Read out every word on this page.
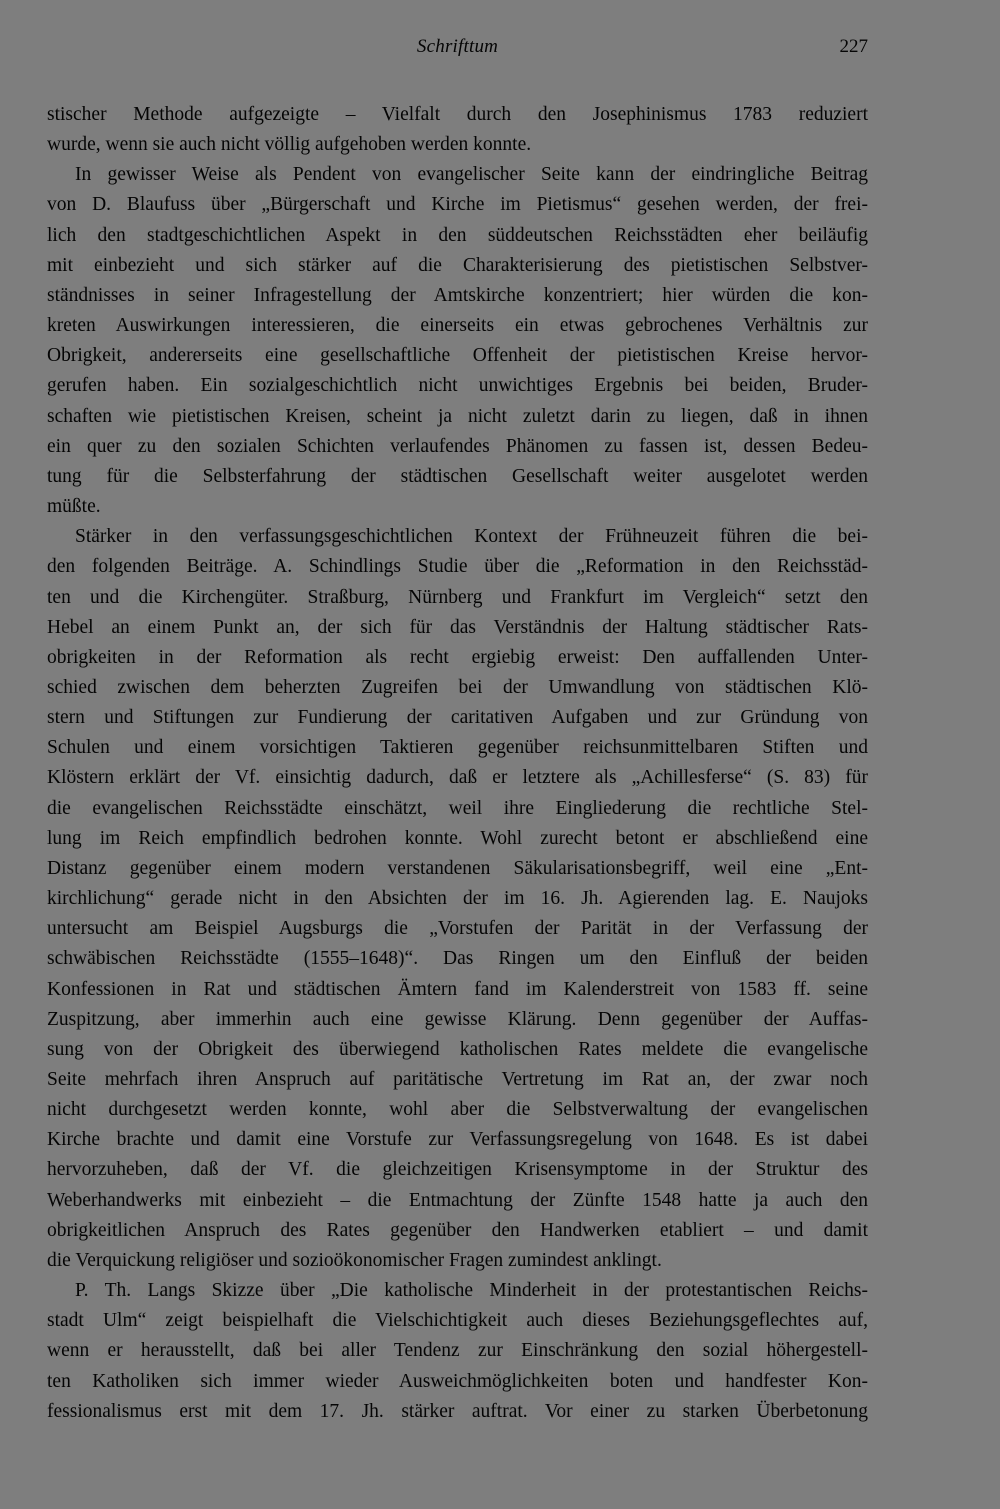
Schrifttum	227

stischer Methode aufgezeigte – Vielfalt durch den Josephinismus 1783 reduziert
wurde, wenn sie auch nicht völlig aufgehoben werden konnte.

In gewisser Weise als Pendent von evangelischer Seite kann der eindringliche Beitrag
von D. Blaufuss über „Bürgerschaft und Kirche im Pietismus“ gesehen werden, der frei-
lich den stadtgeschichtlichen Aspekt in den süddeutschen Reichsstädten eher beiläufig
mit einbezieht und sich stärker auf die Charakterisierung des pietistischen Selbstver-
ständnisses in seiner Infragestellung der Amtskirche konzentriert; hier würden die kon-
kreten Auswirkungen interessieren, die einerseits ein etwas gebrochenes Verhältnis zur
Obrigkeit, andererseits eine gesellschaftliche Offenheit der pietistischen Kreise hervor-
gerufen haben. Ein sozialgeschichtlich nicht unwichtiges Ergebnis bei beiden, Bruder-
schaften wie pietistischen Kreisen, scheint ja nicht zuletzt darin zu liegen, daß in ihnen
ein quer zu den sozialen Schichten verlaufendes Phänomen zu fassen ist, dessen Bedeu-
tung für die Selbsterfahrung der städtischen Gesellschaft weiter ausgelotet werden
müßte.

Stärker in den verfassungsgeschichtlichen Kontext der Frühneuzeit führen die bei-
den folgenden Beiträge. A. Schindlings Studie über die „Reformation in den Reichsstäd-
ten und die Kirchengüter. Straßburg, Nürnberg und Frankfurt im Vergleich“ setzt den
Hebel an einem Punkt an, der sich für das Verständnis der Haltung städtischer Rats-
obrigkeiten in der Reformation als recht ergiebig erweist: Den auffallenden Unter-
schied zwischen dem beherzten Zugreifen bei der Umwandlung von städtischen Klö-
stern und Stiftungen zur Fundierung der caritativen Aufgaben und zur Gründung von
Schulen und einem vorsichtigen Taktieren gegenüber reichsunmittelbaren Stiften und
Klöstern erklärt der Vf. einsichtig dadurch, daß er letztere als „Achillesferse“ (S. 83) für
die evangelischen Reichsstädte einschätzt, weil ihre Eingliederung die rechtliche Stel-
lung im Reich empfindlich bedrohen konnte. Wohl zurecht betont er abschließend eine
Distanz gegenüber einem modern verstandenen Säkularisationsbegriff, weil eine „Ent-
kirchlichung“ gerade nicht in den Absichten der im 16. Jh. Agierenden lag. E. Naujoks
untersucht am Beispiel Augsburgs die „Vorstufen der Parität in der Verfassung der
schwäbischen Reichsstädte (1555–1648)“. Das Ringen um den Einfluß der beiden
Konfessionen in Rat und städtischen Ämtern fand im Kalenderstreit von 1583 ff. seine
Zuspitzung, aber immerhin auch eine gewisse Klärung. Denn gegenüber der Auffas-
sung von der Obrigkeit des überwiegend katholischen Rates meldete die evangelische
Seite mehrfach ihren Anspruch auf paritätische Vertretung im Rat an, der zwar noch
nicht durchgesetzt werden konnte, wohl aber die Selbstverwaltung der evangelischen
Kirche brachte und damit eine Vorstufe zur Verfassungsregelung von 1648. Es ist dabei
hervorzuheben, daß der Vf. die gleichzeitigen Krisensymptome in der Struktur des
Weberhandwerks mit einbezieht – die Entmachtung der Zünfte 1548 hatte ja auch den
obrigkeitlichen Anspruch des Rates gegenüber den Handwerken etabliert – und damit
die Verquickung religiöser und sozioökonomischer Fragen zumindest anklingt.

P. Th. Langs Skizze über „Die katholische Minderheit in der protestantischen Reichs-
stadt Ulm“ zeigt beispielhaft die Vielschichtigkeit auch dieses Beziehungsgeflechtes auf,
wenn er herausstellt, daß bei aller Tendenz zur Einschränkung den sozial höhergestell-
ten Katholiken sich immer wieder Ausweichmöglichkeiten boten und handfester Kon-
fessionalismus erst mit dem 17. Jh. stärker auftrat. Vor einer zu starken Überbetonung
